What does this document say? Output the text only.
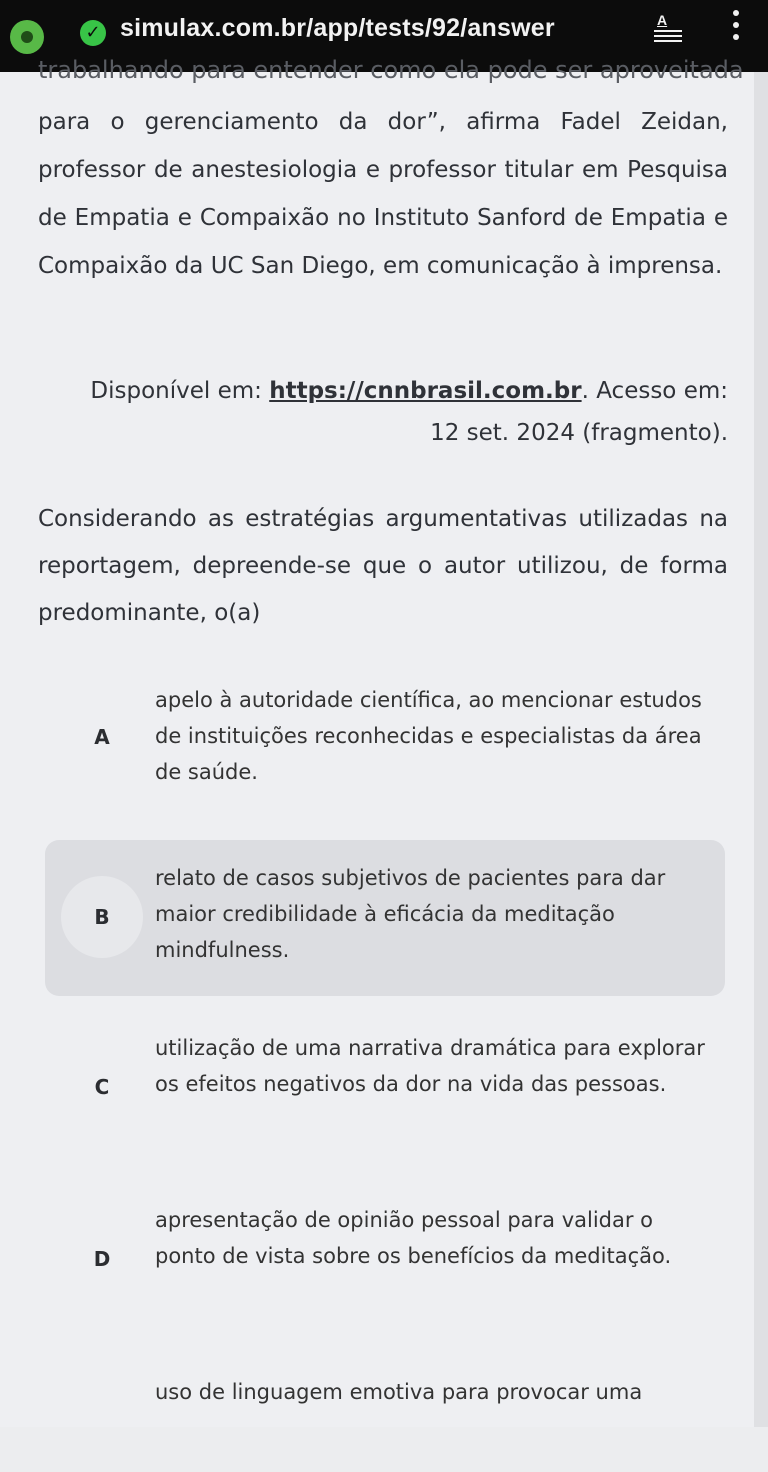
✓ simulax.com.br/app/tests/92/answer	A
trabalhando para entender como ela pode ser aproveitada
para o gerenciamento da dor”, afirma Fadel Zeidan, professor de anestesiologia e professor titular em Pesquisa de Empatia e Compaixão no Instituto Sanford de Empatia e Compaixão da UC San Diego, em comunicação à imprensa.
Disponível em: https://cnnbrasil.com.br. Acesso em: 12 set. 2024 (fragmento).
Considerando as estratégias argumentativas utilizadas na reportagem, depreende-se que o autor utilizou, de forma predominante, o(a)
A
apelo à autoridade científica, ao mencionar estudos de instituições reconhecidas e especialistas da área de saúde.
B
relato de casos subjetivos de pacientes para dar maior credibilidade à eficácia da meditação mindfulness.
C
utilização de uma narrativa dramática para explorar os efeitos negativos da dor na vida das pessoas.
D
apresentação de opinião pessoal para validar o ponto de vista sobre os benefícios da meditação.
uso de linguagem emotiva para provocar uma
